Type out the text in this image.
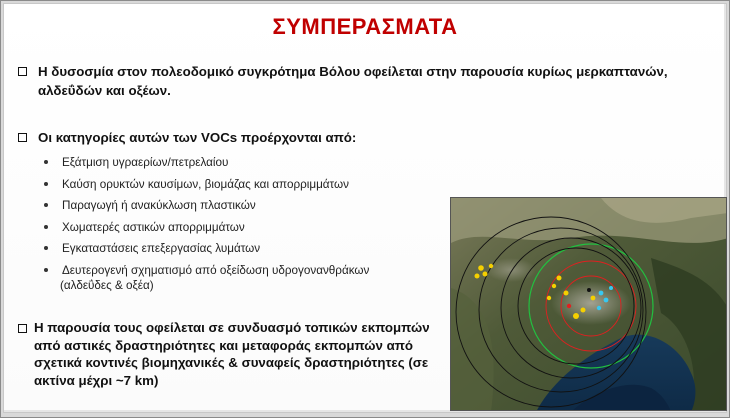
ΣΥΜΠΕΡΑΣΜΑΤΑ
Η δυσοσμία στον πολεοδομικό συγκρότημα Βόλου οφείλεται στην παρουσία κυρίως μερκαπτανών, αλδεΰδών και οξέων.
Οι κατηγορίες αυτών των VOCs προέρχονται από:
Εξάτμιση υγραερίων/πετρελαίου
Καύση ορυκτών καυσίμων, βιομάζας και απορριμμάτων
Παραγωγή ή ανακύκλωση πλαστικών
Χωματερές αστικών απορριμμάτων
Εγκαταστάσεις επεξεργασίας λυμάτων
Δευτερογενή σχηματισμό από οξείδωση υδρογονανθράκων
(αλδεΰδες & οξέα)
Η παρουσία τους οφείλεται σε συνδυασμό τοπικών εκπομπών από αστικές δραστηριότητες και μεταφοράς εκπομπών από σχετικά κοντινές βιομηχανικές & συναφείς δραστηριότητες (σε ακτίνα μέχρι ~7 km)
